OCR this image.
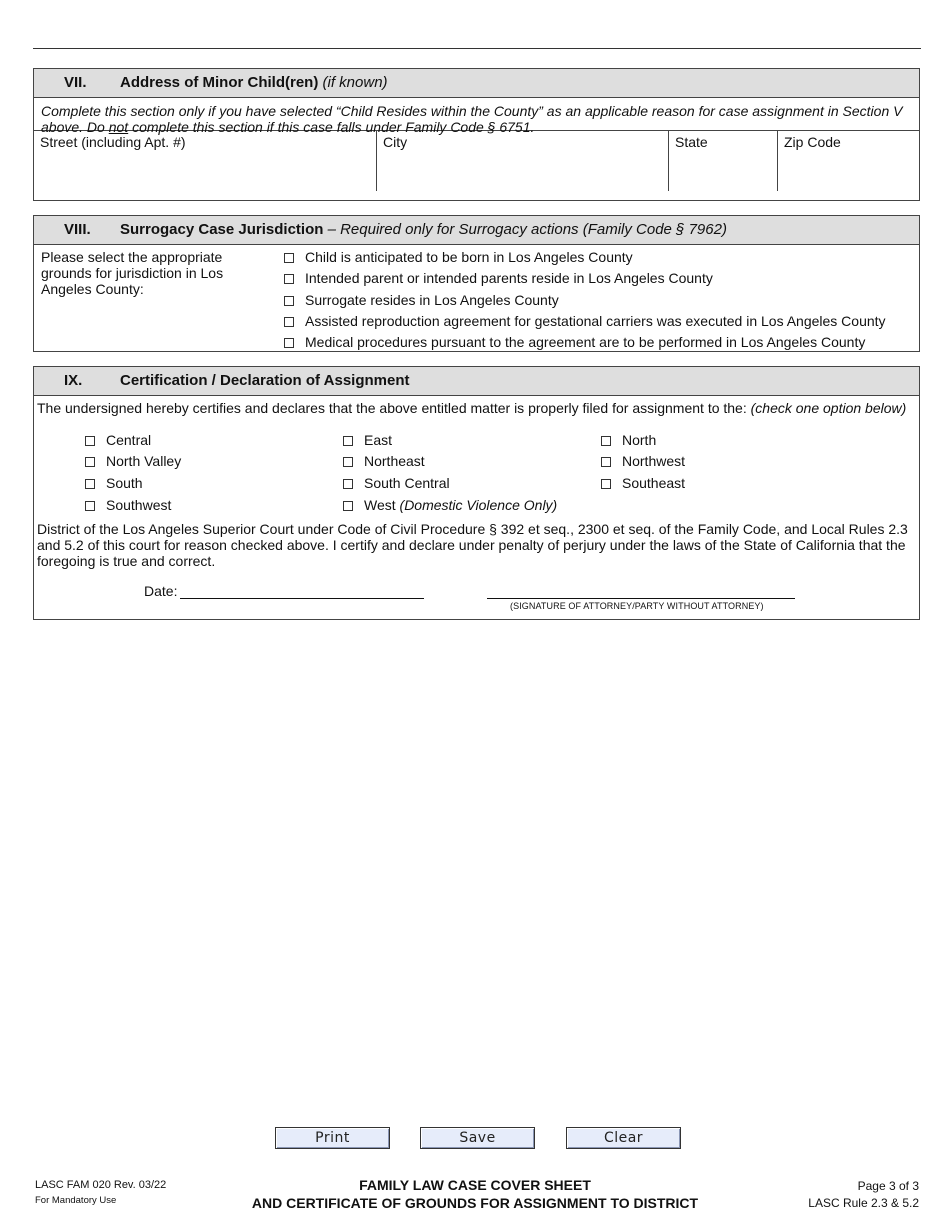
VII. Address of Minor Child(ren) (if known)
Complete this section only if you have selected “Child Resides within the County” as an applicable reason for case assignment in Section V above. Do not complete this section if this case falls under Family Code § 6751.
Street (including Apt. #)	City	State	Zip Code
VIII. Surrogacy Case Jurisdiction – Required only for Surrogacy actions (Family Code § 7962)
Please select the appropriate grounds for jurisdiction in Los Angeles County:
Child is anticipated to be born in Los Angeles County
Intended parent or intended parents reside in Los Angeles County
Surrogate resides in Los Angeles County
Assisted reproduction agreement for gestational carriers was executed in Los Angeles County
Medical procedures pursuant to the agreement are to be performed in Los Angeles County
IX.	Certification / Declaration of Assignment
The undersigned hereby certifies and declares that the above entitled matter is properly filed for assignment to the: (check one option below)
Central
North Valley
South
Southwest
East
Northeast
South Central
West (Domestic Violence Only)
North
Northwest
Southeast
District of the Los Angeles Superior Court under Code of Civil Procedure § 392 et seq., 2300 et seq. of the Family Code, and Local Rules 2.3 and 5.2 of this court for reason checked above. I certify and declare under penalty of perjury under the laws of the State of California that the foregoing is true and correct.
Date:
(SIGNATURE OF ATTORNEY/PARTY WITHOUT ATTORNEY)
Print	Save	Clear
LASC FAM 020 Rev. 03/22
For Mandatory Use
FAMILY LAW CASE COVER SHEET
AND CERTIFICATE OF GROUNDS FOR ASSIGNMENT TO DISTRICT
Page 3 of 3
LASC Rule 2.3 & 5.2
